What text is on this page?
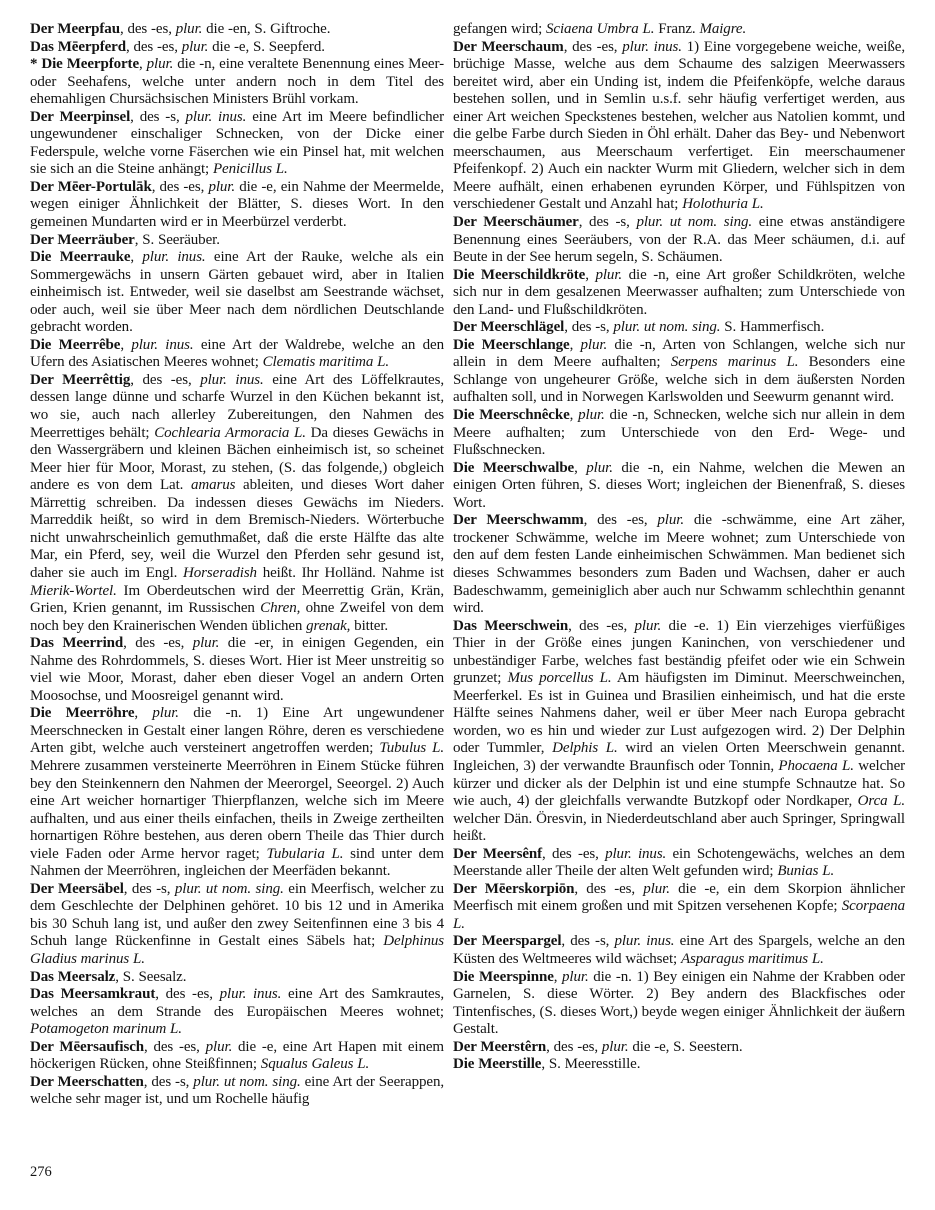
Der Meerpfau, des -es, plur. die -en, S. Giftroche.

Das Mēerpferd, des -es, plur. die -e, S. Seepferd.

* Die Meerpforte, plur. die -n, eine veraltete Benennung eines Meer- oder Seehafens, welche unter andern noch in dem Titel des ehemahligen Chursächsischen Ministers Brühl vorkam.

Der Meerpinsel, des -s, plur. inus. eine Art im Meere befindlicher ungewundener einschaliger Schnecken, von der Dicke einer Federspule, welche vorne Fäserchen wie ein Pinsel hat, mit welchen sie sich an die Steine anhängt; Penicillus L.

Der Mēer-Portulāk, des -es, plur. die -e, ein Nahme der Meermelde, wegen einiger Ähnlichkeit der Blätter, S. dieses Wort. In den gemeinen Mundarten wird er in Meerbürzel verderbt.

Der Meerräuber, S. Seeräuber.

Die Meerrauke, plur. inus. eine Art der Rauke, welche als ein Sommergewächs in unsern Gärten gebauet wird, aber in Italien einheimisch ist. Entweder, weil sie daselbst am Seestrande wächset, oder auch, weil sie über Meer nach dem nördlichen Deutschlande gebracht worden.

Die Meerrêbe, plur. inus. eine Art der Waldrebe, welche an den Ufern des Asiatischen Meeres wohnet; Clematis maritima L.

Der Meerrêttig, des -es, plur. inus. eine Art des Löffelkrautes, dessen lange dünne und scharfe Wurzel in den Küchen bekannt ist, wo sie, auch nach allerley Zubereitungen, den Nahmen des Meerrettiges behält; Cochlearia Armoracia L. Da dieses Gewächs in den Wassergräbern und kleinen Bächen einheimisch ist, so scheinet Meer hier für Moor, Morast, zu stehen, (S. das folgende,) obgleich andere es von dem Lat. amarus ableiten, und dieses Wort daher Märrettig schreiben. Da indessen dieses Gewächs im Nieders. Marreddik heißt, so wird in dem Bremisch-Nieders. Wörterbuche nicht unwahrscheinlich gemuthmaßet, daß die erste Hälfte das alte Mar, ein Pferd, sey, weil die Wurzel den Pferden sehr gesund ist, daher sie auch im Engl. Horseradish heißt. Ihr Holländ. Nahme ist Mierik-Wortel. Im Oberdeutschen wird der Meerrettig Grän, Krän, Grien, Krien genannt, im Russischen Chren, ohne Zweifel von dem noch bey den Krainerischen Wenden üblichen grenak, bitter.

Das Meerrind, des -es, plur. die -er, in einigen Gegenden, ein Nahme des Rohrdommels, S. dieses Wort. Hier ist Meer unstreitig so viel wie Moor, Morast, daher eben dieser Vogel an andern Orten Moosochse, und Moosreigel genannt wird.

Die Meerröhre, plur. die -n. 1) Eine Art ungewundener Meerschnecken in Gestalt einer langen Röhre, deren es verschiedene Arten gibt, welche auch versteinert angetroffen werden; Tubulus L. Mehrere zusammen versteinerte Meerröhren in Einem Stücke führen bey den Steinkennern den Nahmen der Meerorgel, Seeorgel. 2) Auch eine Art weicher hornartiger Thierpflanzen, welche sich im Meere aufhalten, und aus einer theils einfachen, theils in Zweige zertheilten hornartigen Röhre bestehen, aus deren obern Theile das Thier durch viele Faden oder Arme hervor raget; Tubularia L. sind unter dem Nahmen der Meerröhren, ingleichen der Meerfäden bekannt.

Der Meersäbel, des -s, plur. ut nom. sing. ein Meerfisch, welcher zu dem Geschlechte der Delphinen gehöret. 10 bis 12 und in Amerika bis 30 Schuh lang ist, und außer den zwey Seitenfinnen eine 3 bis 4 Schuh lange Rückenfinne in Gestalt eines Säbels hat; Delphinus Gladius marinus L.

Das Meersalz, S. Seesalz.

Das Meersamkraut, des -es, plur. inus. eine Art des Samkrautes, welches an dem Strande des Europäischen Meeres wohnet; Potamogeton marinum L.

Der Mēersaufisch, des -es, plur. die -e, eine Art Hapen mit einem höckerigen Rücken, ohne Steißfinnen; Squalus Galeus L.

Der Meerschatten, des -s, plur. ut nom. sing. eine Art der Seerappen, welche sehr mager ist, und um Rochelle häufig

gefangen wird; Sciaena Umbra L. Franz. Maigre.

Der Meerschaum, des -es, plur. inus. 1) Eine vorgegebene weiche, weiße, brüchige Masse, welche aus dem Schaume des salzigen Meerwassers bereitet wird, aber ein Unding ist, indem die Pfeifenköpfe, welche daraus bestehen sollen, und in Semlin u.s.f. sehr häufig verfertiget werden, aus einer Art weichen Speckstenes bestehen, welcher aus Natolien kommt, und die gelbe Farbe durch Sieden in Öhl erhält. Daher das Bey- und Nebenwort meerschaumen, aus Meerschaum verfertiget. Ein meerschaumener Pfeifenkopf. 2) Auch ein nackter Wurm mit Gliedern, welcher sich in dem Meere aufhält, einen erhabenen eyrunden Körper, und Fühlspitzen von verschiedener Gestalt und Anzahl hat; Holothuria L.

Der Meerschäumer, des -s, plur. ut nom. sing. eine etwas anständigere Benennung eines Seeräubers, von der R.A. das Meer schäumen, d.i. auf Beute in der See herum segeln, S. Schäumen.

Die Meerschildkröte, plur. die -n, eine Art großer Schildkröten, welche sich nur in dem gesalzenen Meerwasser aufhalten; zum Unterschiede von den Land- und Flußschildkröten.

Der Meerschlägel, des -s, plur. ut nom. sing. S. Hammerfisch.

Die Meerschlange, plur. die -n, Arten von Schlangen, welche sich nur allein in dem Meere aufhalten; Serpens marinus L. Besonders eine Schlange von ungeheurer Größe, welche sich in dem äußersten Norden aufhalten soll, und in Norwegen Karlswolden und Seewurm genannt wird.

Die Meerschnêcke, plur. die -n, Schnecken, welche sich nur allein in dem Meere aufhalten; zum Unterschiede von den Erd- Wege- und Flußschnecken.

Die Meerschwalbe, plur. die -n, ein Nahme, welchen die Mewen an einigen Orten führen, S. dieses Wort; ingleichen der Bienenfraß, S. dieses Wort.

Der Meerschwamm, des -es, plur. die -schwämme, eine Art zäher, trockener Schwämme, welche im Meere wohnet; zum Unterschiede von den auf dem festen Lande einheimischen Schwämmen. Man bedienet sich dieses Schwammes besonders zum Baden und Wachsen, daher er auch Badeschwamm, gemeiniglich aber auch nur Schwamm schlechthin genannt wird.

Das Meerschwein, des -es, plur. die -e. 1) Ein vierzehiges vierfüßiges Thier in der Größe eines jungen Kaninchen, von verschiedener und unbeständiger Farbe, welches fast beständig pfeifet oder wie ein Schwein grunzet; Mus porcellus L. Am häufigsten im Diminut. Meerschweinchen, Meerferkel. Es ist in Guinea und Brasilien einheimisch, und hat die erste Hälfte seines Nahmens daher, weil er über Meer nach Europa gebracht worden, wo es hin und wieder zur Lust aufgezogen wird. 2) Der Delphin oder Tummler, Delphis L. wird an vielen Orten Meerschwein genannt. Ingleichen, 3) der verwandte Braunfisch oder Tonnin, Phocaena L. welcher kürzer und dicker als der Delphin ist und eine stumpfe Schnautze hat. So wie auch, 4) der gleichfalls verwandte Butzkopf oder Nordkaper, Orca L. welcher Dän. Öresvin, in Niederdeutschland aber auch Springer, Springwall heißt.

Der Meersênf, des -es, plur. inus. ein Schotengewächs, welches an dem Meerstande aller Theile der alten Welt gefunden wird; Bunias L.

Der Mēerskorpiōn, des -es, plur. die -e, ein dem Skorpion ähnlicher Meerfisch mit einem großen und mit Spitzen versehenen Kopfe; Scorpaena L.

Der Meerspargel, des -s, plur. inus. eine Art des Spargels, welche an den Küsten des Weltmeeres wild wächset; Asparagus maritimus L.

Die Meerspinne, plur. die -n. 1) Bey einigen ein Nahme der Krabben oder Garnelen, S. diese Wörter. 2) Bey andern des Blackfisches oder Tintenfisches, (S. dieses Wort,) beyde wegen einiger Ähnlichkeit der äußern Gestalt.

Der Meerstêrn, des -es, plur. die -e, S. Seestern.

Die Meerstille, S. Meeresstille.

276
